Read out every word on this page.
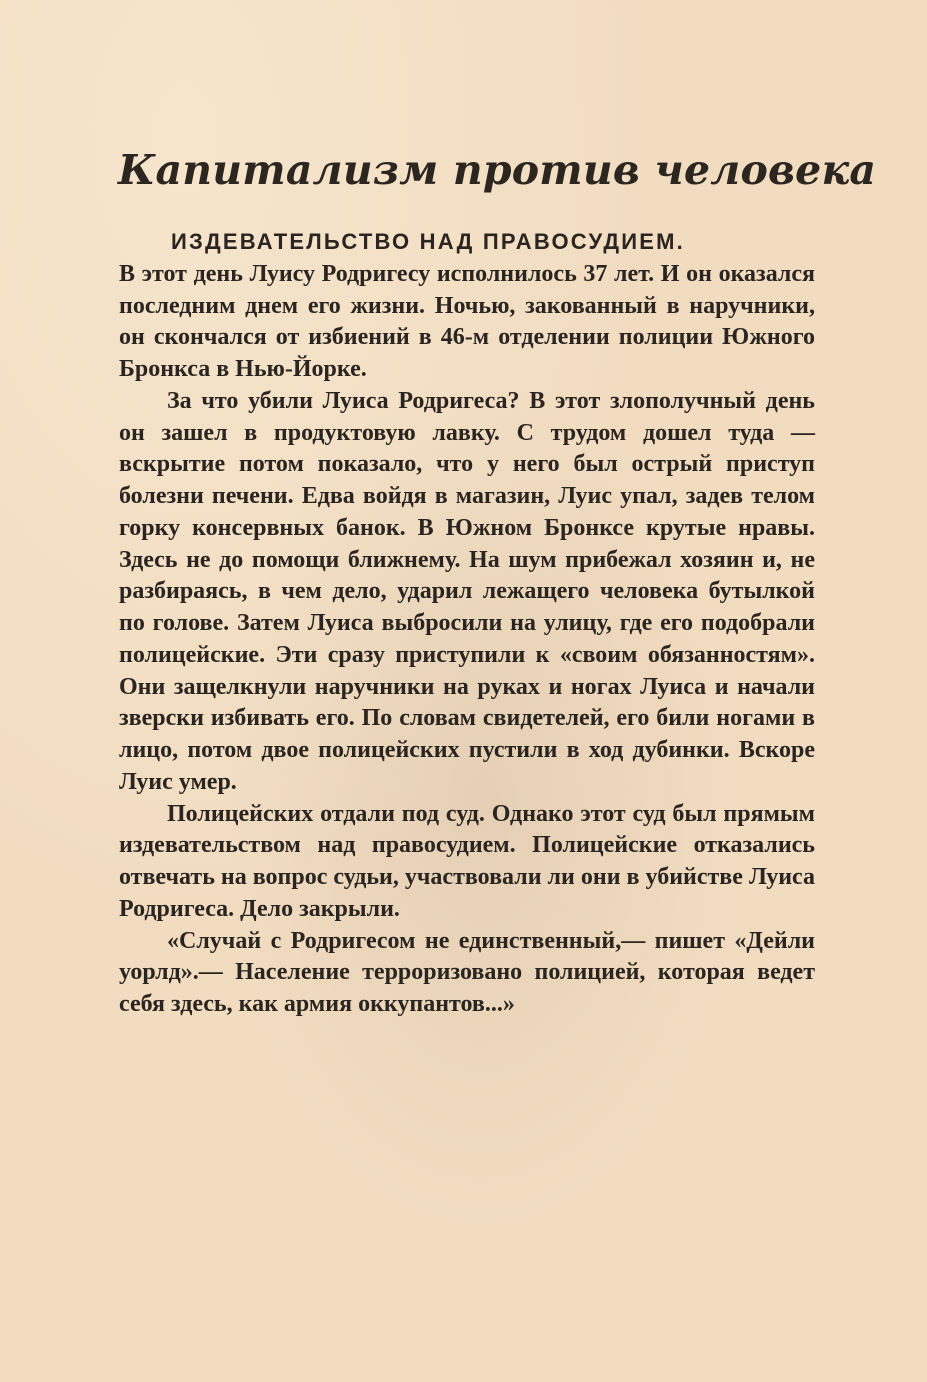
Капитализм против человека
ИЗДЕВАТЕЛЬСТВО НАД ПРАВОСУДИЕМ.

В этот день Луису Родригесу исполнилось 37 лет. И он оказался последним днем его жизни. Ночью, закованный в наручники, он скончался от избиений в 46-м отделении полиции Южного Бронкса в Нью-Йорке.

За что убили Луиса Родригеса? В этот злополучный день он зашел в продуктовую лавку. С трудом дошел туда — вскрытие потом показало, что у него был острый приступ болезни печени. Едва войдя в магазин, Луис упал, задев телом горку консервных банок. В Южном Бронксе крутые нравы. Здесь не до помощи ближнему. На шум прибежал хозяин и, не разбираясь, в чем дело, ударил лежащего человека бутылкой по голове. Затем Луиса выбросили на улицу, где его подобрали полицейские. Эти сразу приступили к «своим обязанностям». Они защелкнули наручники на руках и ногах Луиса и начали зверски избивать его. По словам свидетелей, его били ногами в лицо, потом двое полицейских пустили в ход дубинки. Вскоре Луис умер.

Полицейских отдали под суд. Однако этот суд был прямым издевательством над правосудием. Полицейские отказались отвечать на вопрос судьи, участвовали ли они в убийстве Луиса Родригеса. Дело закрыли.

«Случай с Родригесом не единственный,— пишет «Дейли уорлд».— Население терроризовано полицией, которая ведет себя здесь, как армия оккупантов...»
